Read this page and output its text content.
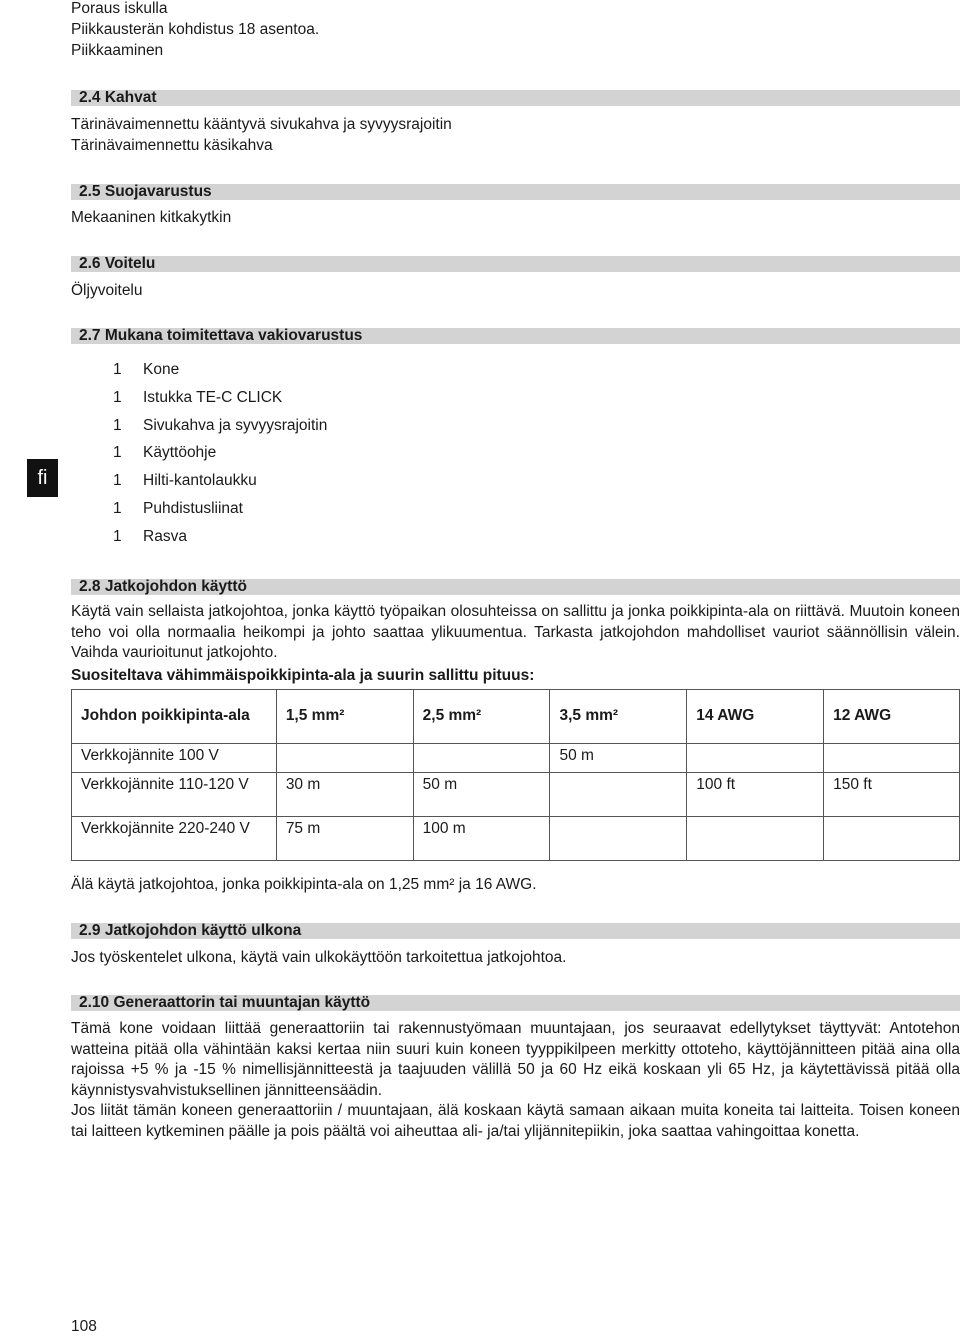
Poraus iskulla
Piikkausterän kohdistus 18 asentoa.
Piikkaaminen
2.4 Kahvat
Tärinävaimennettu kääntyvä sivukahva ja syvyysrajoitin
Tärinävaimennettu käsikahva
2.5 Suojavarustus
Mekaaninen kitkakytkin
2.6 Voitelu
Öljyvoitelu
2.7 Mukana toimitettava vakiovarustus
1 Kone
1 Istukka TE-C CLICK
1 Sivukahva ja syvyysrajoitin
1 Käyttöohje
1 Hilti-kantolaukku
1 Puhdistusliinat
1 Rasva
fi
2.8 Jatkojohdon käyttö
Käytä vain sellaista jatkojohtoa, jonka käyttö työpaikan olosuhteissa on sallittu ja jonka poikkipinta-ala on riittävä. Muutoin koneen teho voi olla normaalia heikompi ja johto saattaa ylikuumentua. Tarkasta jatkojohdon mahdolliset vauriot säännöllisin välein. Vaihda vaurioitunut jatkojohto.
Suositeltava vähimmäispoikkipinta-ala ja suurin sallittu pituus:
Johdon poikkipinta-ala	1,5 mm²	2,5 mm²	3,5 mm²	14 AWG	12 AWG
Verkkojännite 100 V			50 m		
Verkkojännite 110-120 V	30 m	50 m		100 ft	150 ft
Verkkojännite 220-240 V	75 m	100 m			
Älä käytä jatkojohtoa, jonka poikkipinta-ala on 1,25 mm² ja 16 AWG.
2.9 Jatkojohdon käyttö ulkona
Jos työskentelet ulkona, käytä vain ulkokäyttöön tarkoitettua jatkojohtoa.
2.10 Generaattorin tai muuntajan käyttö
Tämä kone voidaan liittää generaattoriin tai rakennustyömaan muuntajaan, jos seuraavat edellytykset täyttyvät: Antotehon watteina pitää olla vähintään kaksi kertaa niin suuri kuin koneen tyyppikilpeen merkitty ottoteho, käyttöjännitteen pitää aina olla rajoissa +5 % ja -15 % nimellisjännitteestä ja taajuuden välillä 50 ja 60 Hz eikä koskaan yli 65 Hz, ja käytettävissä pitää olla käynnistysvahvistuksellinen jännitteensäädin.
Jos liität tämän koneen generaattoriin / muuntajaan, älä koskaan käytä samaan aikaan muita koneita tai laitteita. Toisen koneen tai laitteen kytkeminen päälle ja pois päältä voi aiheuttaa ali- ja/tai ylijännitepiikin, joka saattaa vahingoittaa konetta.
108
